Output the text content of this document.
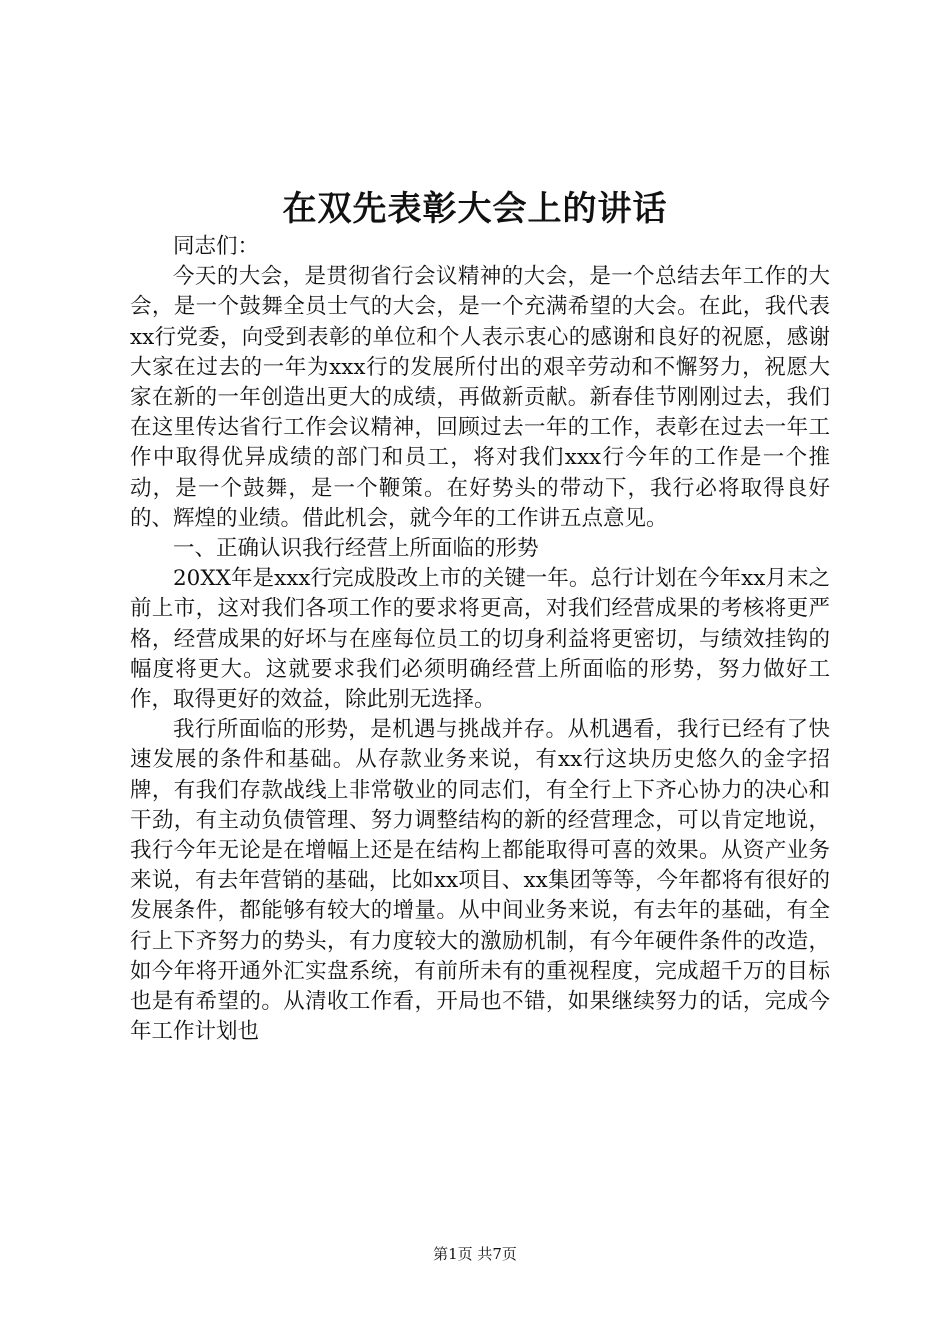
在双先表彰大会上的讲话

同志们：

今天的大会，是贯彻省行会议精神的大会，是一个总结去年工作的大会，是一个鼓舞全员士气的大会，是一个充满希望的大会。在此，我代表xx行党委，向受到表彰的单位和个人表示衷心的感谢和良好的祝愿，感谢大家在过去的一年为xxx行的发展所付出的艰辛劳动和不懈努力，祝愿大家在新的一年创造出更大的成绩，再做新贡献。新春佳节刚刚过去，我们在这里传达省行工作会议精神，回顾过去一年的工作，表彰在过去一年工作中取得优异成绩的部门和员工，将对我们xxx行今年的工作是一个推动，是一个鼓舞，是一个鞭策。在好势头的带动下，我行必将取得良好的、辉煌的业绩。借此机会，就今年的工作讲五点意见。

一、正确认识我行经营上所面临的形势

20XX年是xxx行完成股改上市的关键一年。总行计划在今年xx月末之前上市，这对我们各项工作的要求将更高，对我们经营成果的考核将更严格，经营成果的好坏与在座每位员工的切身利益将更密切，与绩效挂钩的幅度将更大。这就要求我们必须明确经营上所面临的形势，努力做好工作，取得更好的效益，除此别无选择。

我行所面临的形势，是机遇与挑战并存。从机遇看，我行已经有了快速发展的条件和基础。从存款业务来说，有xx行这块历史悠久的金字招牌，有我们存款战线上非常敬业的同志们，有全行上下齐心协力的决心和干劲，有主动负债管理、努力调整结构的新的经营理念，可以肯定地说，我行今年无论是在增幅上还是在结构上都能取得可喜的效果。从资产业务来说，有去年营销的基础，比如xx项目、xx集团等等，今年都将有很好的发展条件，都能够有较大的增量。从中间业务来说，有去年的基础，有全行上下齐努力的势头，有力度较大的激励机制，有今年硬件条件的改造，如今年将开通外汇实盘系统，有前所未有的重视程度，完成超千万的目标也是有希望的。从清收工作看，开局也不错，如果继续努力的话，完成今年工作计划也

第1页 共7页
